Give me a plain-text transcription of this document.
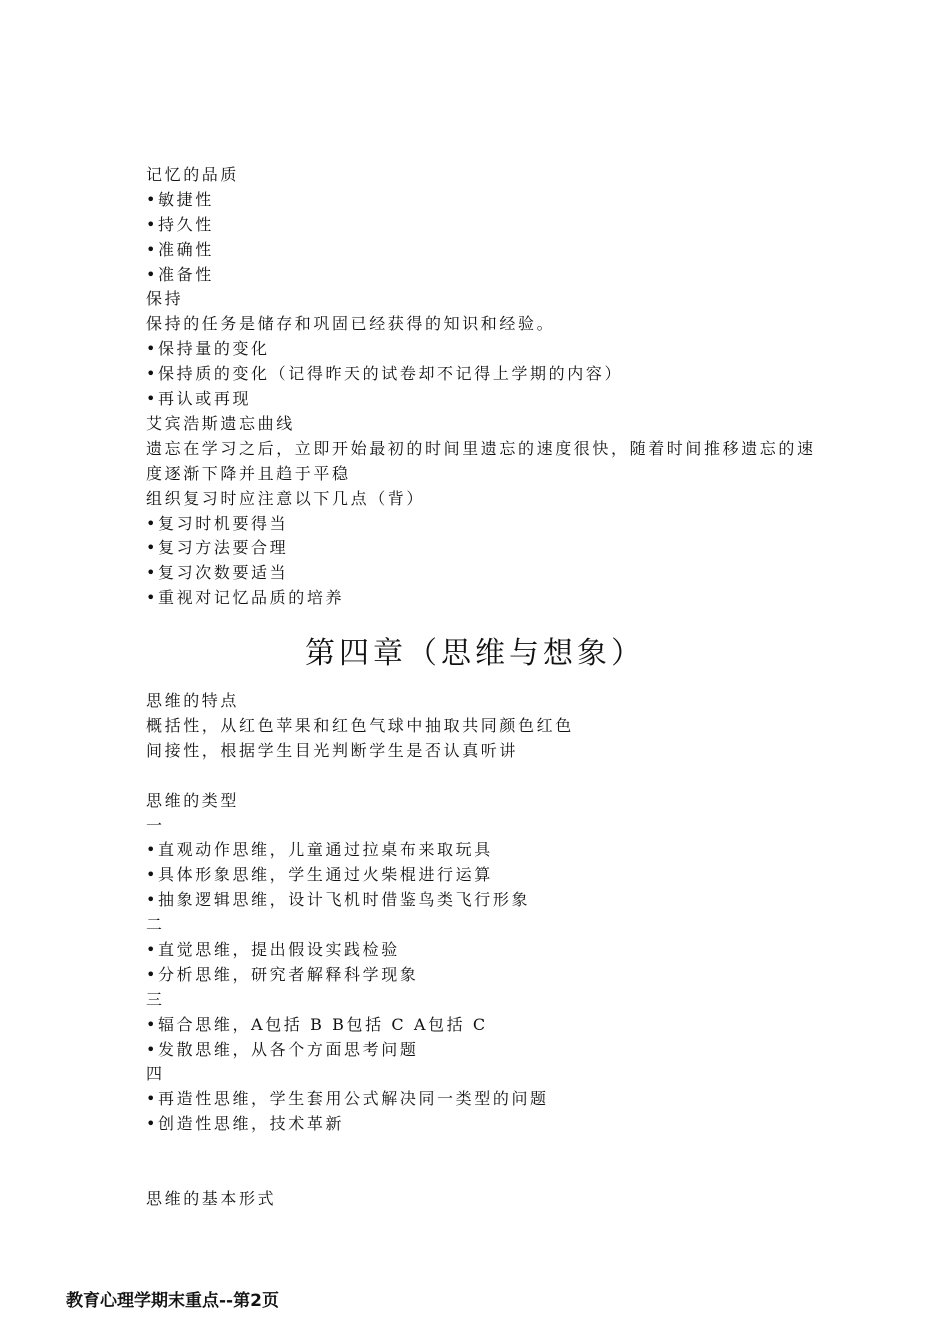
记忆的品质
•敏捷性
•持久性
•准确性
•准备性
保持
保持的任务是储存和巩固已经获得的知识和经验。
•保持量的变化
•保持质的变化（记得昨天的试卷却不记得上学期的内容）
•再认或再现
艾宾浩斯遗忘曲线
遗忘在学习之后，立即开始最初的时间里遗忘的速度很快，随着时间推移遗忘的速度逐渐下降并且趋于平稳
组织复习时应注意以下几点（背）
•复习时机要得当
•复习方法要合理
•复习次数要适当
•重视对记忆品质的培养
第四章（思维与想象）
思维的特点
概括性，从红色苹果和红色气球中抽取共同颜色红色
间接性，根据学生目光判断学生是否认真听讲
思维的类型
一
•直观动作思维，儿童通过拉桌布来取玩具
•具体形象思维，学生通过火柴棍进行运算
•抽象逻辑思维，设计飞机时借鉴鸟类飞行形象
二
•直觉思维，提出假设实践检验
•分析思维，研究者解释科学现象
三
•辐合思维，A包括 B B包括 C A包括 C
•发散思维，从各个方面思考问题
四
•再造性思维，学生套用公式解决同一类型的问题
•创造性思维，技术革新
思维的基本形式
教育心理学期末重点--第2页
